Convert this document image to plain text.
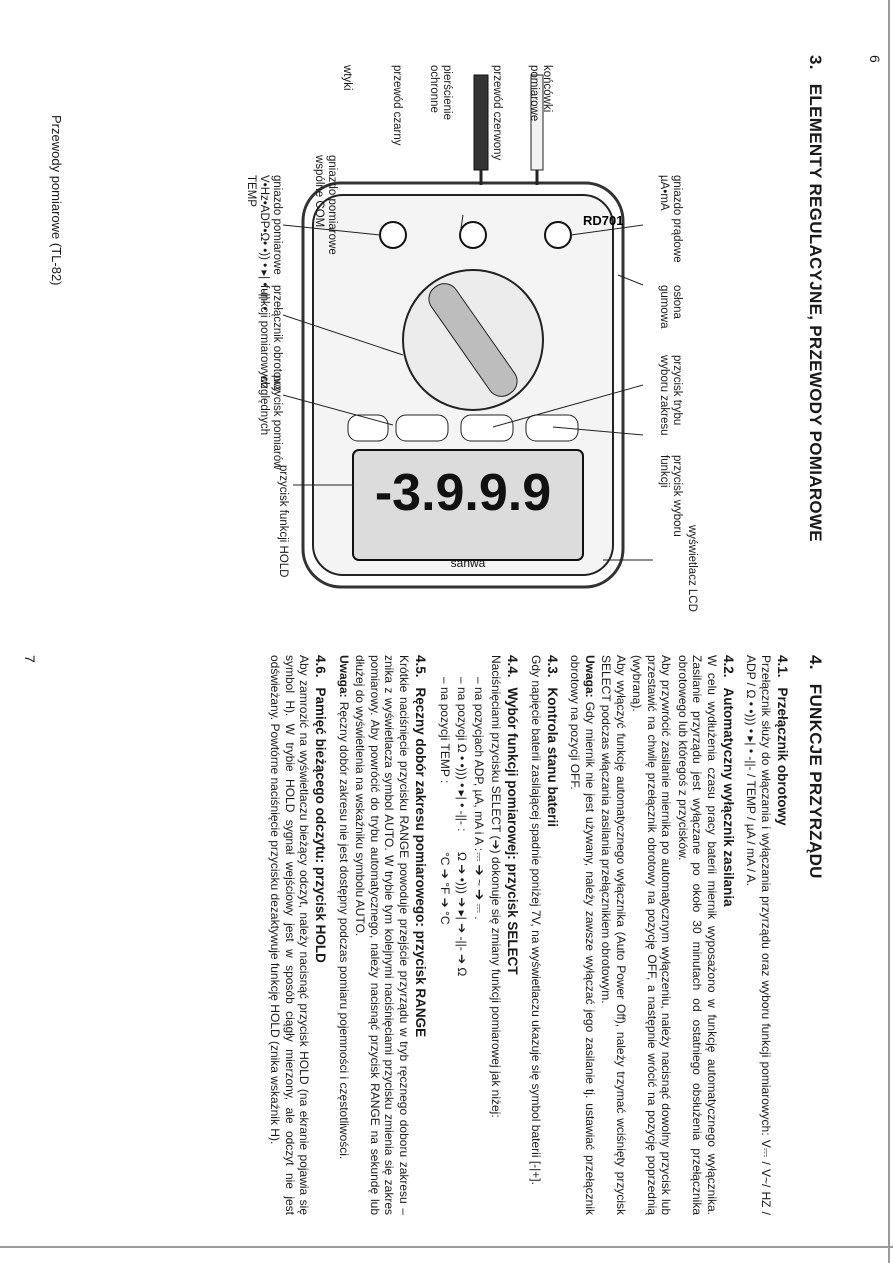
3.ELEMENTY REGULACYJNE, PRZEWODY POMIAROWE
-3.9.9.9
sanwa
RD701
wyświetlacz LCD
przycisk funkcji HOLD
przycisk pomiarów względnych
przełącznik obrotowy funkcji pomiarowych
gniazdo pomiarowe V•Hz•ADP•Ω• •)) • ▸| • -||- • TEMP	gniazdo pomiarowe wspólne COM
przycisk wyboru funkcji
przycisk trybu wyboru zakresu
osłona gumowa
gniazdo prądowe µA•mA
przewód czerwony	końcówki pomiarowe
pierścienie ochronne
przewód czarny
wtyki
Przewody pomiarowe (TL-82)
6
4.FUNKCJE PRZYRZĄDU
4.1.Przełącznik obrotowy

Przełącznik służy do włączania i wyłączania przyrządu oraz wyboru funkcji pomiarowych: V⎓ / V~/ HZ / ADP / Ω • •))) • ▸| • -||- / TEMP / µA / mA / A.

4.2.Automatyczny wyłącznik zasilania

W celu wydłużenia czasu pracy baterii miernik wyposażono w funkcję automatycznego wyłącznika. Zasilanie przyrządu jest wyłączane po około 30 minutach od ostatniego obsłużenia przełącznika obrotowego lub któregoś z przycisków.

Aby przywrócić zasilanie miernika po automatycznym wyłączeniu, należy nacisnąć dowolny przycisk lub przestawić na chwilę przełącznik obrotowy na pozycję OFF, a następnie wrócić na pozycję poprzednią (wybraną).

Aby wyłączyć funkcję automatycznego wyłącznika (Auto Power Off), należy trzymać wciśnięty przycisk SELECT podczas włączania zasilania przełącznikiem obrotowym.

Uwaga:Gdy miernik nie jest używany, należy zawsze wyłączać jego zasilanie tj. ustawiać przełącznik obrotowy na pozycji OFF.

4.3.Kontrola stanu baterii

Gdy napięcie baterii zasilającej spadnie poniżej 7V, na wyświetlaczu ukazuje się symbol baterii [-|+].

4.4.Wybór funkcji pomiarowej: przycisk SELECT

Naciśnięciami przycisku SELECT (➔) dokonuje się zmiany funkcji pomiarowej jak niżej:

– na pozycjach ADP, µA, mA i A :⎓ ➔ ~ ➔ ⎓ .
– na pozycji Ω • •))) • ▸| • -||- :Ω ➔ •))) ➔ ▸| ➔ -||- ➔ Ω
– na pozycji TEMP :°C ➔ °F ➔ °C
4.5.Ręczny dobór zakresu pomiarowego: przycisk RANGE

Krótkie naciśnięcie przycisku RANGE powoduje przejście przyrządu w tryb ręcznego doboru zakresu – znika z wyświetlacza symbol AUTO. W trybie tym kolejnymi naciśnięciami przycisku zmienia się zakres pomiarowy. Aby powrócić do trybu automatycznego, należy nacisnąć przycisk RANGE na sekundę lub dłużej do wyświetlenia na wskaźniku symbolu AUTO.

Uwaga:Ręczny dobór zakresu nie jest dostępny podczas pomiaru pojemności i częstotliwości.

4.6.Pamięć bieżącego odczytu: przycisk HOLD

Aby zamrozić na wyświetlaczu bieżący odczyt, należy nacisnąć przycisk HOLD (na ekranie pojawia się symbol H). W trybie HOLD sygnał wejściowy jest w sposób ciągły mierzony, ale odczyt nie jest odświeżany. Powtórne naciśnięcie przycisku dezaktywuje funkcję HOLD (znika wskaźnik H).

7
